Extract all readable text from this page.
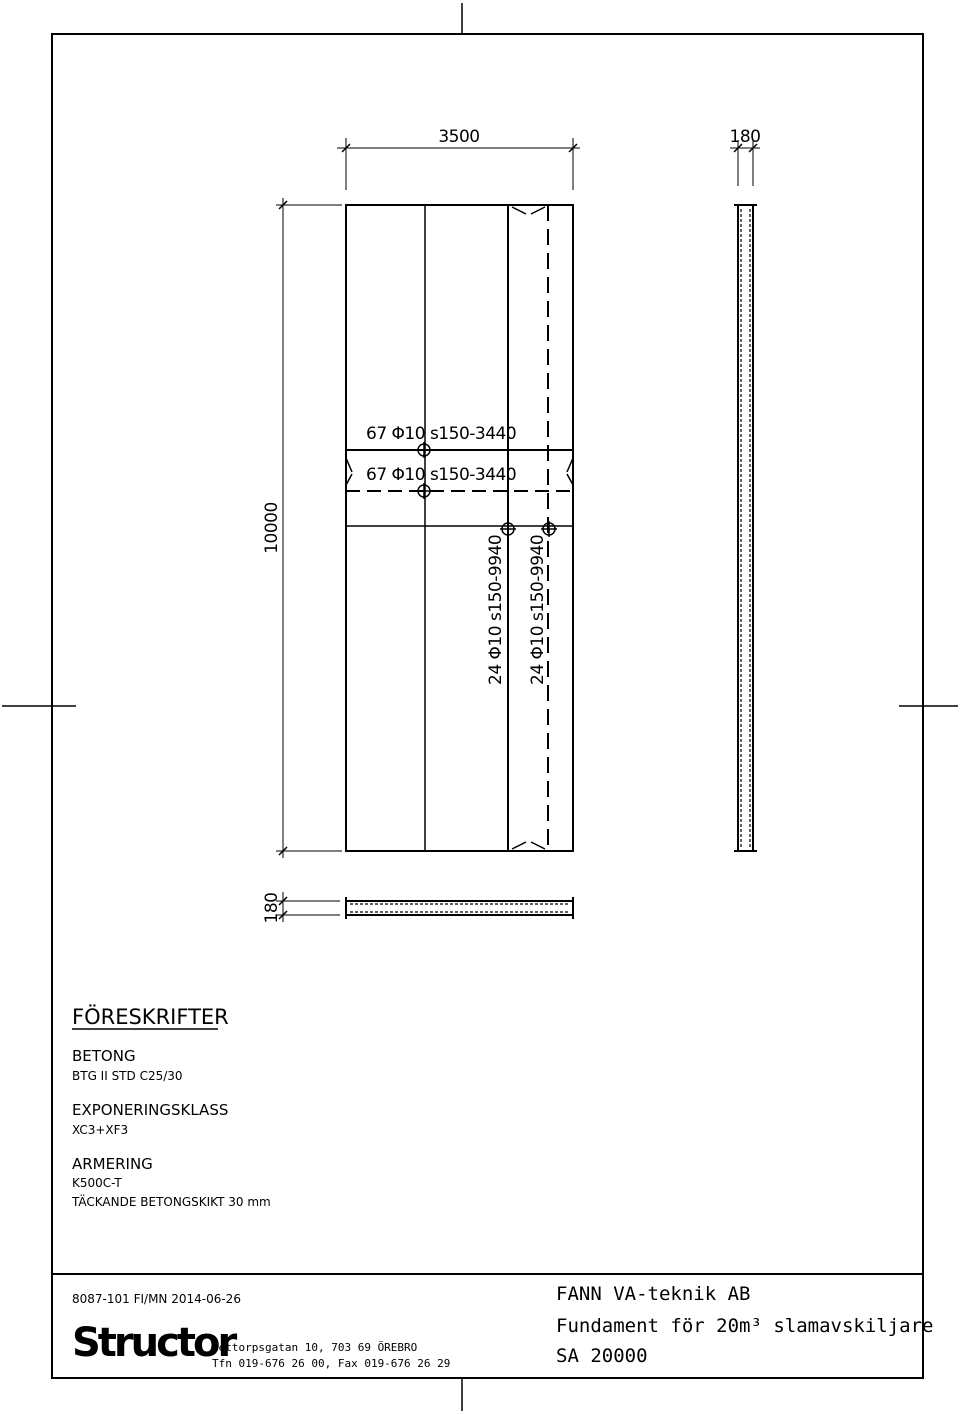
3500	180
10000
67 Φ10 s150-3440
67 Φ10 s150-3440
24 Φ10 s150-9940 24 Φ10 s150-9940
180
FÖRESKRIFTER
BETONG
BTG II STD C25/30
EXPONERINGSKLASS
XC3+XF3
ARMERING
K500C-T
TÄCKANDE BETONGSKIKT 30 mm
8087-101 FI/MN 2014-06-26
Structor
Bettorpsgatan 10, 703 69 ÖREBRO
Tfn 019-676 26 00, Fax 019-676 26 29
FANN VA-teknik AB
Fundament för 20m³ slamavskiljare
SA 20000
